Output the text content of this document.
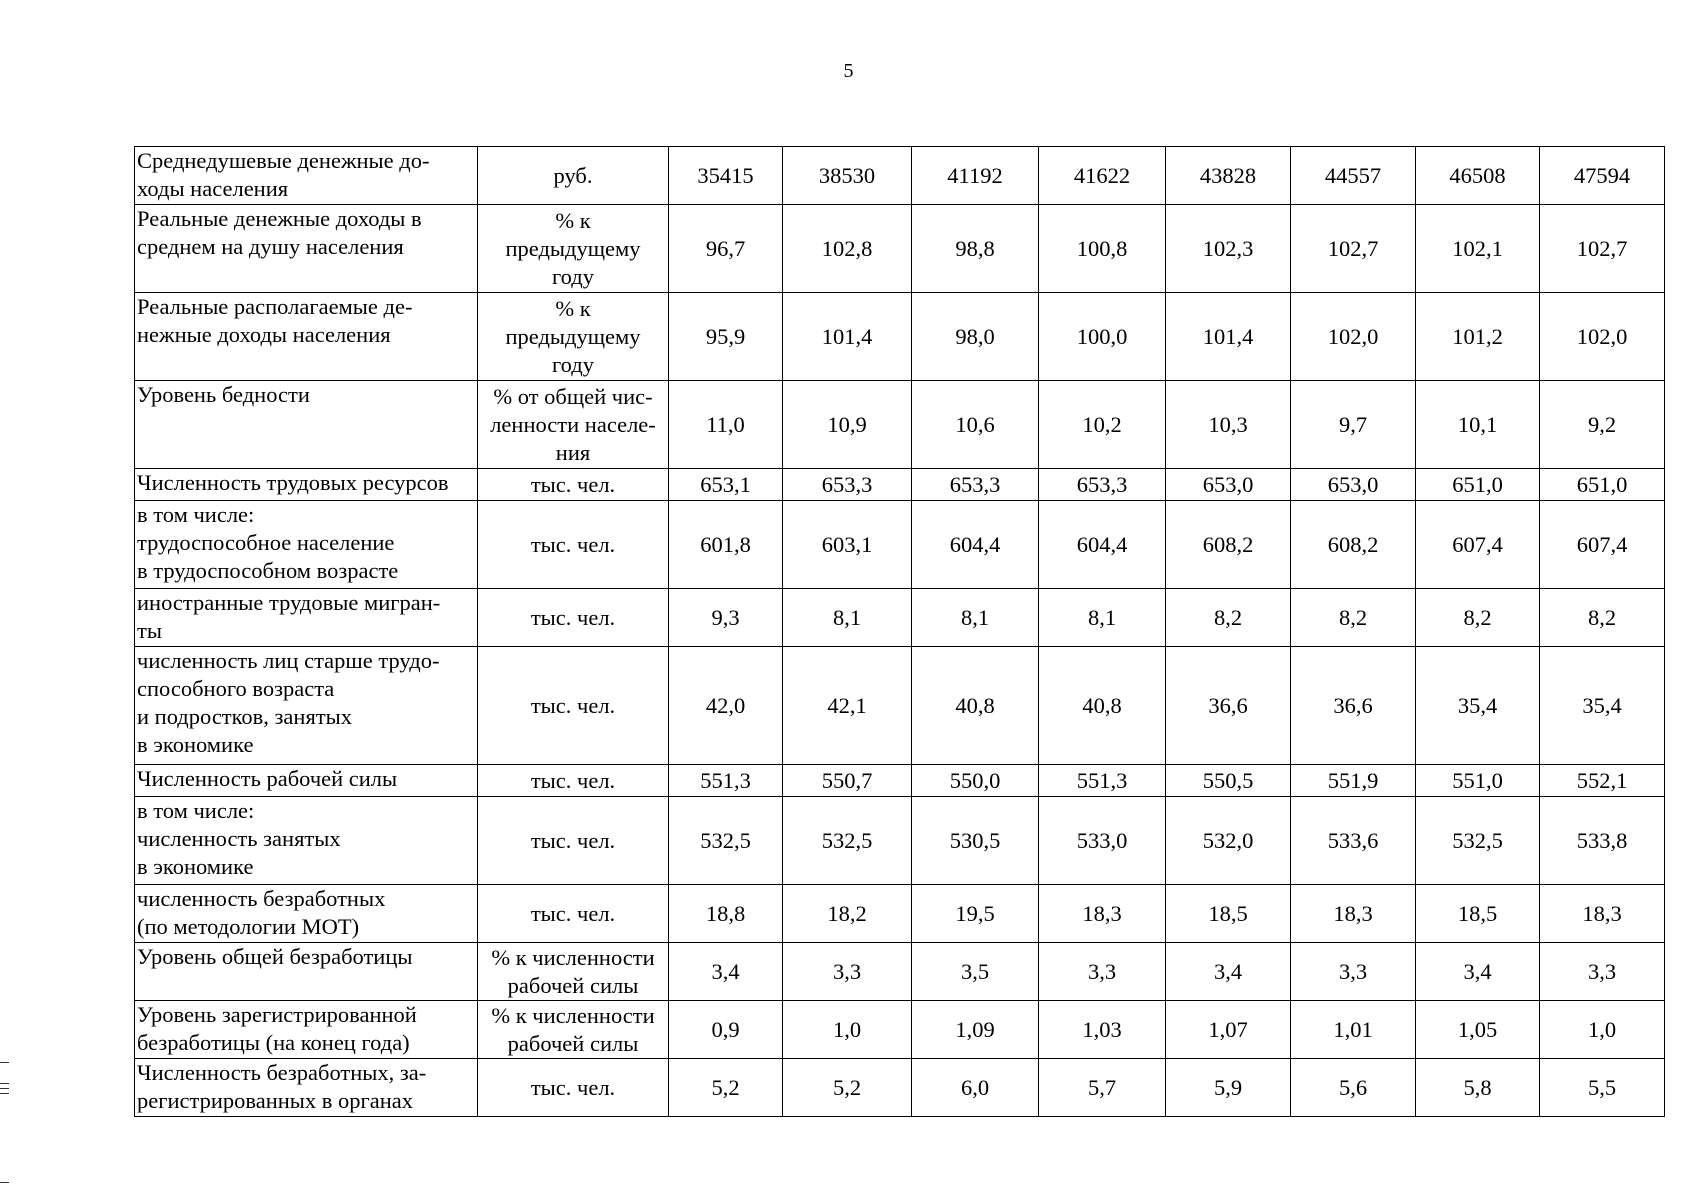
5
Среднедушевые денежные до-
ходы населения	руб.	35415	38530	41192	41622	43828	44557	46508	47594
Реальные денежные доходы в
среднем на душу населения	% к
предыдущему
году	96,7	102,8	98,8	100,8	102,3	102,7	102,1	102,7
Реальные располагаемые де-
нежные доходы населения	% к
предыдущему
году	95,9	101,4	98,0	100,0	101,4	102,0	101,2	102,0
Уровень бедности	% от общей чис-
ленности населе-
ния	11,0	10,9	10,6	10,2	10,3	9,7	10,1	9,2
Численность трудовых ресурсов	тыс. чел.	653,1	653,3	653,3	653,3	653,0	653,0	651,0	651,0
в том числе:
трудоспособное население
в трудоспособном возрасте	тыс. чел.	601,8	603,1	604,4	604,4	608,2	608,2	607,4	607,4
иностранные трудовые мигран-
ты	тыс. чел.	9,3	8,1	8,1	8,1	8,2	8,2	8,2	8,2
численность лиц старше трудо-
способного возраста
и подростков, занятых
в экономике	тыс. чел.	42,0	42,1	40,8	40,8	36,6	36,6	35,4	35,4
Численность рабочей силы	тыс. чел.	551,3	550,7	550,0	551,3	550,5	551,9	551,0	552,1
в том числе:
численность занятых
в экономике	тыс. чел.	532,5	532,5	530,5	533,0	532,0	533,6	532,5	533,8
численность безработных
(по методологии МОТ)	тыс. чел.	18,8	18,2	19,5	18,3	18,5	18,3	18,5	18,3
Уровень общей безработицы	% к численности
рабочей силы	3,4	3,3	3,5	3,3	3,4	3,3	3,4	3,3
Уровень зарегистрированной
безработицы (на конец года)	% к численности
рабочей силы	0,9	1,0	1,09	1,03	1,07	1,01	1,05	1,0
Численность безработных, за-
регистрированных в органах	тыс. чел.	5,2	5,2	6,0	5,7	5,9	5,6	5,8	5,5
